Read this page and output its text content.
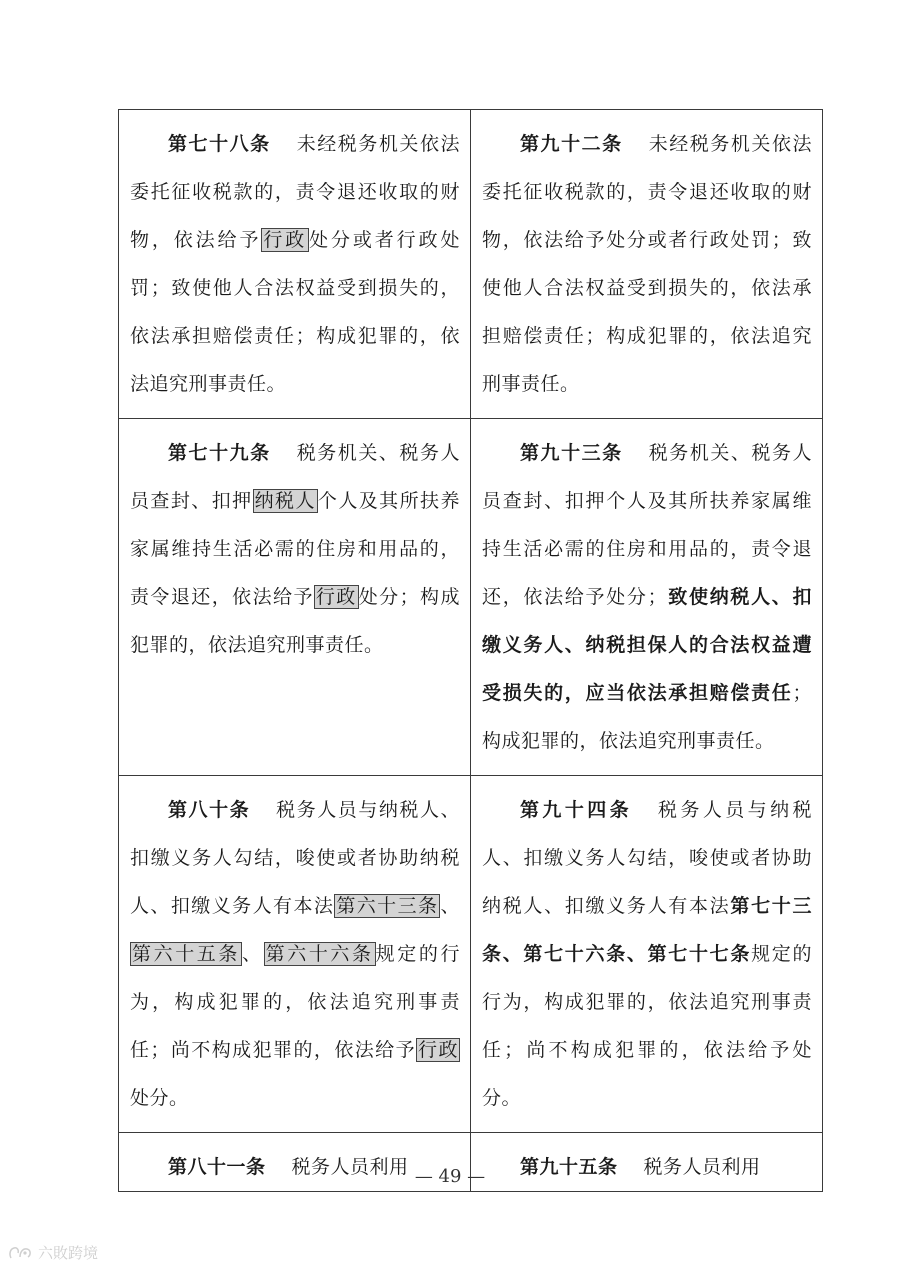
第七十八条 未经税务机关依法委托征收税款的，责令退还收取的财物，依法给予 行政 处分或者行政处罚；致使他人合法权益受到损失的，依法承担赔偿责任；构成犯罪的，依法追究刑事责任。	第九十二条 未经税务机关依法委托征收税款的，责令退还收取的财物，依法给予处分或者行政处罚；致使他人合法权益受到损失的，依法承担赔偿责任；构成犯罪的，依法追究刑事责任。
第七十九条 税务机关、税务人员查封、扣押 纳税人 个人及其所扶养家属维持生活必需的住房和用品的，责令退还，依法给予 行政 处分；构成犯罪的，依法追究刑事责任。	第九十三条 税务机关、税务人员查封、扣押个人及其所扶养家属维持生活必需的住房和用品的，责令退还，依法给予处分；致使纳税人、扣缴义务人、纳税担保人的合法权益遭受损失的，应当依法承担赔偿责任；构成犯罪的，依法追究刑事责任。
第八十条 税务人员与纳税人、扣缴义务人勾结，唆使或者协助纳税人、扣缴义务人有本法 第六十三条 、第六十五条 、 第六十六条 规定的行为，构成犯罪的，依法追究刑事责任；尚不构成犯罪的，依法给予 行政处分。	第九十四条 税务人员与纳税人、扣缴义务人勾结，唆使或者协助纳税人、扣缴义务人有本法第七十三条、第七十六条、第七十七条规定的行为，构成犯罪的，依法追究刑事责任；尚不构成犯罪的，依法给予处分。
第八十一条 税务人员利用	第九十五条 税务人员利用
— 49 —
六敗跨境
